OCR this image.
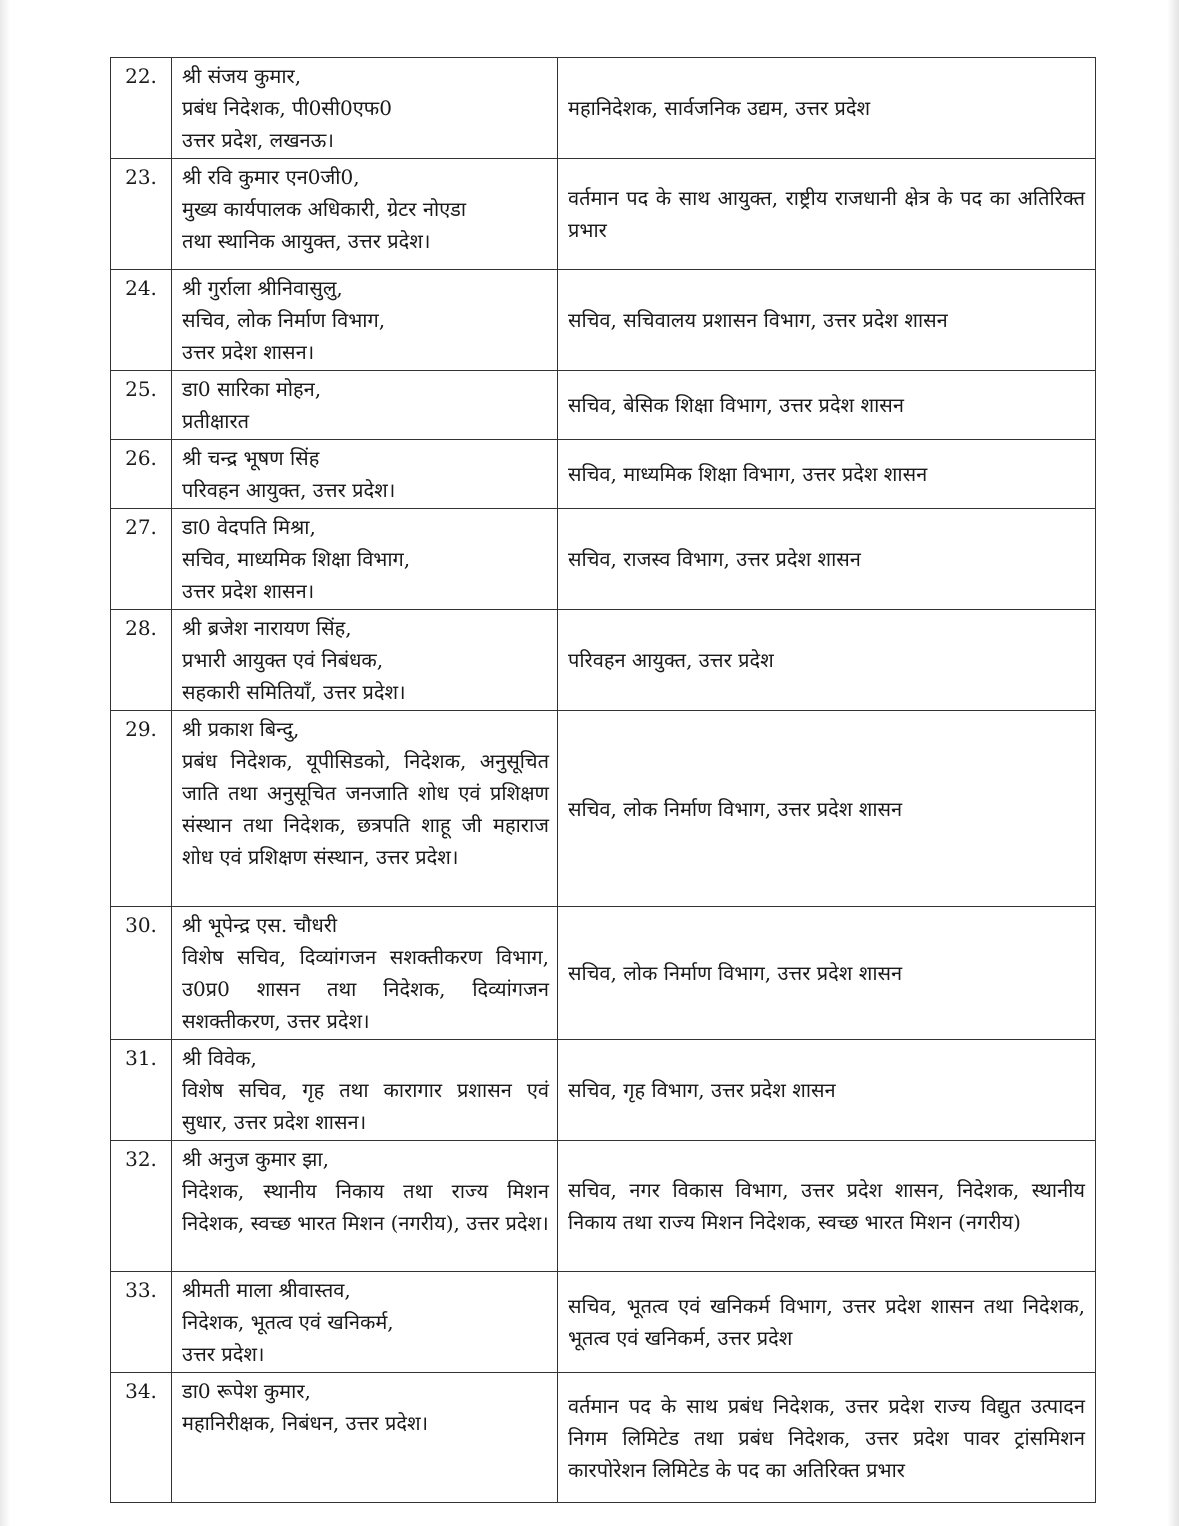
22.	श्री संजय कुमार,
प्रबंध निदेशक, पी0सी0एफ0
उत्तर प्रदेश, लखनऊ।	महानिदेशक, सार्वजनिक उद्यम, उत्तर प्रदेश
23.	श्री रवि कुमार एन0जी0,
मुख्य कार्यपालक अधिकारी, ग्रेटर नोएडा
तथा स्थानिक आयुक्त, उत्तर प्रदेश।	वर्तमान पद के साथ आयुक्त, राष्ट्रीय राजधानी क्षेत्र के पद का अतिरिक्त प्रभार
24.	श्री गुर्राला श्रीनिवासुलु,
सचिव, लोक निर्माण विभाग,
उत्तर प्रदेश शासन।	सचिव, सचिवालय प्रशासन विभाग, उत्तर प्रदेश शासन
25.	डा0 सारिका मोहन,
प्रतीक्षारत	सचिव, बेसिक शिक्षा विभाग, उत्तर प्रदेश शासन
26.	श्री चन्द्र भूषण सिंह
परिवहन आयुक्त, उत्तर प्रदेश।	सचिव, माध्यमिक शिक्षा विभाग, उत्तर प्रदेश शासन
27.	डा0 वेदपति मिश्रा,
सचिव, माध्यमिक शिक्षा विभाग,
उत्तर प्रदेश शासन।	सचिव, राजस्व विभाग, उत्तर प्रदेश शासन
28.	श्री ब्रजेश नारायण सिंह,
प्रभारी आयुक्त एवं निबंधक,
सहकारी समितियाँ, उत्तर प्रदेश।	परिवहन आयुक्त, उत्तर प्रदेश
29.	श्री प्रकाश बिन्दु,
प्रबंध निदेशक, यूपीसिडको, निदेशक, अनुसूचित जाति तथा अनुसूचित जनजाति शोध एवं प्रशिक्षण संस्थान तथा निदेशक, छत्रपति शाहू जी महाराज शोध एवं प्रशिक्षण संस्थान, उत्तर प्रदेश।	सचिव, लोक निर्माण विभाग, उत्तर प्रदेश शासन
30.	श्री भूपेन्द्र एस. चौधरी
विशेष सचिव, दिव्यांगजन सशक्तीकरण विभाग, उ0प्र0 शासन तथा निदेशक, दिव्यांगजन सशक्तीकरण, उत्तर प्रदेश।	सचिव, लोक निर्माण विभाग, उत्तर प्रदेश शासन
31.	श्री विवेक,
विशेष सचिव, गृह तथा कारागार प्रशासन एवं सुधार, उत्तर प्रदेश शासन।	सचिव, गृह विभाग, उत्तर प्रदेश शासन
32.	श्री अनुज कुमार झा,
निदेशक, स्थानीय निकाय तथा राज्य मिशन निदेशक, स्वच्छ भारत मिशन (नगरीय), उत्तर प्रदेश।	सचिव, नगर विकास विभाग, उत्तर प्रदेश शासन, निदेशक, स्थानीय निकाय तथा राज्य मिशन निदेशक, स्वच्छ भारत मिशन (नगरीय)
33.	श्रीमती माला श्रीवास्तव,
निदेशक, भूतत्व एवं खनिकर्म,
उत्तर प्रदेश।	सचिव, भूतत्व एवं खनिकर्म विभाग, उत्तर प्रदेश शासन तथा निदेशक, भूतत्व एवं खनिकर्म, उत्तर प्रदेश
34.	डा0 रूपेश कुमार,
महानिरीक्षक, निबंधन, उत्तर प्रदेश।	वर्तमान पद के साथ प्रबंध निदेशक, उत्तर प्रदेश राज्य विद्युत उत्पादन निगम लिमिटेड तथा प्रबंध निदेशक, उत्तर प्रदेश पावर ट्रांसमिशन कारपोरेशन लिमिटेड के पद का अतिरिक्त प्रभार
